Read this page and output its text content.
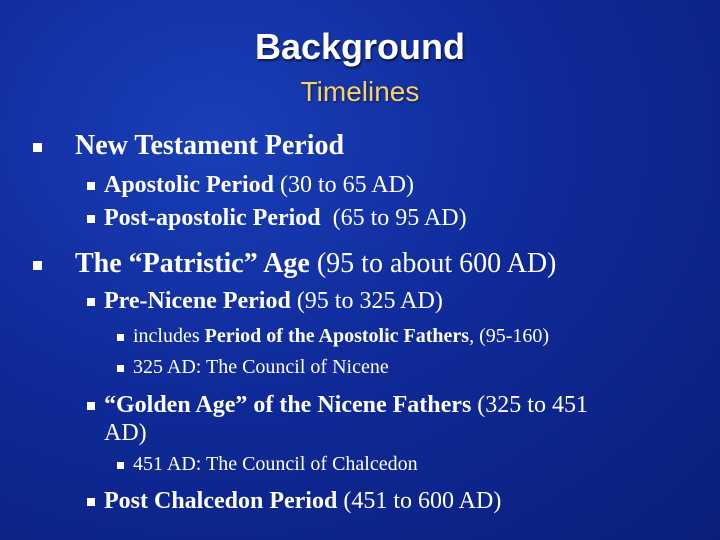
Background
Timelines
New Testament Period
Apostolic Period (30 to 65 AD)
Post-apostolic Period  (65 to 95 AD)
The “Patristic” Age (95 to about 600 AD)
Pre-Nicene Period (95 to 325 AD)
includes Period of the Apostolic Fathers, (95-160)
325 AD: The Council of Nicene
“Golden Age” of the Nicene Fathers (325 to 451
AD)
451 AD: The Council of Chalcedon
Post Chalcedon Period (451 to 600 AD)
